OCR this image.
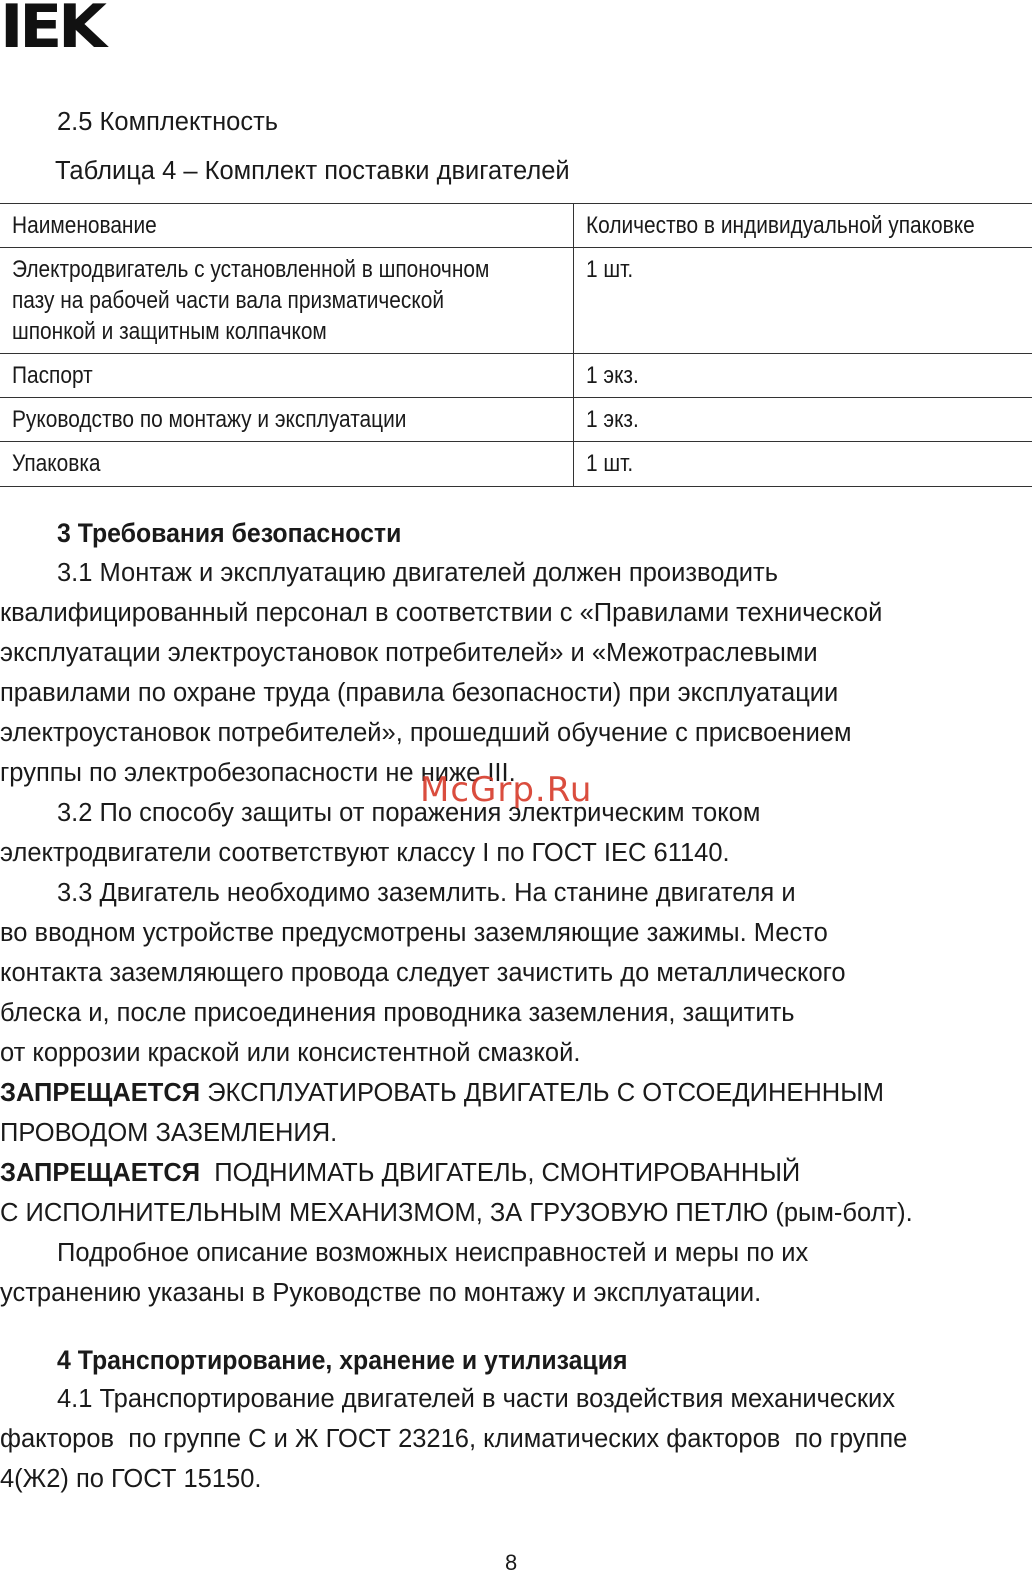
IEK

2.5 Комплектность

Таблица 4 – Комплект поставки двигателей

Наименование	Количество в индивидуальной упаковке
Электродвигатель с установленной в шпоночном
пазу на рабочей части вала призматической
шпонкой и защитным колпачком	1 шт.
Паспорт	1 экз.
Руководство по монтажу и эксплуатации	1 экз.
Упаковка	1 шт.

3 Требования безопасности

3.1 Монтаж и эксплуатацию двигателей должен производить

квалифицированный персонал в соответствии с «Правилами технической

эксплуатации электроустановок потребителей» и «Межотраслевыми

правилами по охране труда (правила безопасности) при эксплуатации

электроустановок потребителей», прошедший обучение с присвоением

группы по электробезопасности не ниже III.

3.2 По способу защиты от поражения электрическим током

электродвигатели соответствуют классу I по ГОСТ IEC 61140.

3.3 Двигатель необходимо заземлить. На станине двигателя и

во вводном устройстве предусмотрены заземляющие зажимы. Место

контакта заземляющего провода следует зачистить до металлического

блеска и, после присоединения проводника заземления, защитить

от коррозии краской или консистентной смазкой.

ЗАПРЕЩАЕТСЯ ЭКСПЛУАТИРОВАТЬ ДВИГАТЕЛЬ С ОТСОЕДИНЕННЫМ

ПРОВОДОМ ЗАЗЕМЛЕНИЯ.

ЗАПРЕЩАЕТСЯ  ПОДНИМАТЬ ДВИГАТЕЛЬ, СМОНТИРОВАННЫЙ

С ИСПОЛНИТЕЛЬНЫМ МЕХАНИЗМОМ, ЗА ГРУЗОВУЮ ПЕТЛЮ (рым-болт).

Подробное описание возможных неисправностей и меры по их

устранению указаны в Руководстве по монтажу и эксплуатации.

4 Транспортирование, хранение и утилизация

4.1 Транспортирование двигателей в части воздействия механических

факторов  по группе С и Ж ГОСТ 23216, климатических факторов  по группе

4(Ж2) по ГОСТ 15150.

McGrp.Ru
8
